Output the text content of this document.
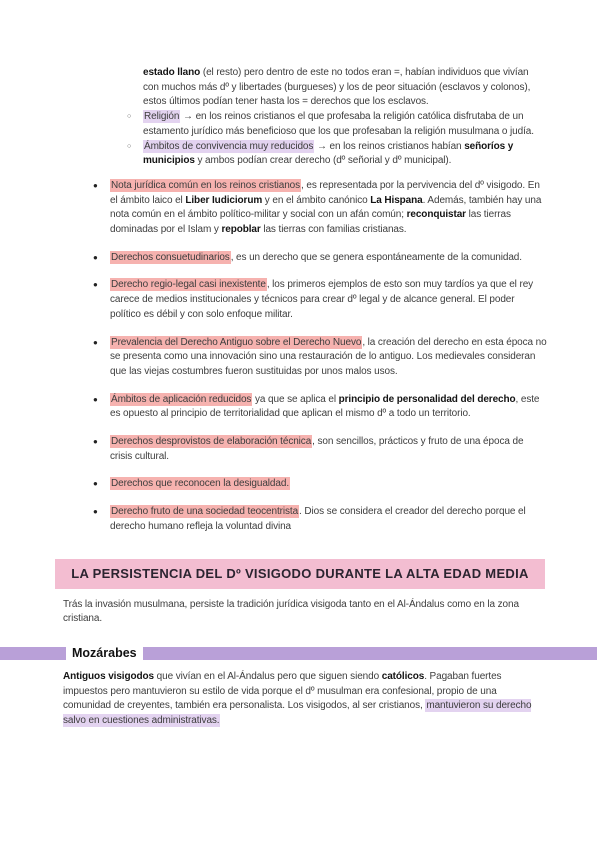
estado llano (el resto) pero dentro de este no todos eran =, habían individuos que vivían con muchos más dº y libertades (burgueses) y los de peor situación (esclavos y colonos), estos últimos podían tener hasta los = derechos que los esclavos.
○	Religión → en los reinos cristianos el que profesaba la religión católica disfrutaba de un estamento jurídico más beneficioso que los que profesaban la religión musulmana o judía.
○	Ámbitos de convivencia muy reducidos → en los reinos cristianos habían señoríos y municipios y ambos podían crear derecho (dº señorial y dº municipal).
●	Nota jurídica común en los reinos cristianos, es representada por la pervivencia del dº visigodo. En el ámbito laico el Liber Iudiciorum y en el ámbito canónico La Hispana. Además, también hay una nota común en el ámbito político-militar y social con un afán común; reconquistar las tierras dominadas por el Islam y repoblar las tierras con familias cristianas.
●	Derechos consuetudinarios, es un derecho que se genera espontáneamente de la comunidad.
●	Derecho regio-legal casi inexistente, los primeros ejemplos de esto son muy tardíos ya que el rey carece de medios institucionales y técnicos para crear dº legal y de alcance general. El poder político es débil y con solo enfoque militar.
●	Prevalencia del Derecho Antiguo sobre el Derecho Nuevo, la creación del derecho en esta época no se presenta como una innovación sino una restauración de lo antiguo. Los medievales consideran que las viejas costumbres fueron sustituidas por unos malos usos.
●	Ámbitos de aplicación reducidos ya que se aplica el principio de personalidad del derecho, este es opuesto al principio de territorialidad que aplican el mismo dº a todo un territorio.
●	Derechos desprovistos de elaboración técnica, son sencillos, prácticos y fruto de una época de crisis cultural.
●	Derechos que reconocen la desigualdad.
●	Derecho fruto de una sociedad teocentrista. Dios se considera el creador del derecho porque el derecho humano refleja la voluntad divina
LA PERSISTENCIA DEL Dº VISIGODO DURANTE LA ALTA EDAD MEDIA
Trás la invasión musulmana, persiste la tradición jurídica visigoda tanto en el Al-Ándalus como en la zona cristiana.
Mozárabes
Antiguos visigodos que vivían en el Al-Ándalus pero que siguen siendo católicos. Pagaban fuertes impuestos pero mantuvieron su estilo de vida porque el dº musulman era confesional, propio de una comunidad de creyentes, también era personalista. Los visigodos, al ser cristianos, mantuvieron su derecho salvo en cuestiones administrativas.
